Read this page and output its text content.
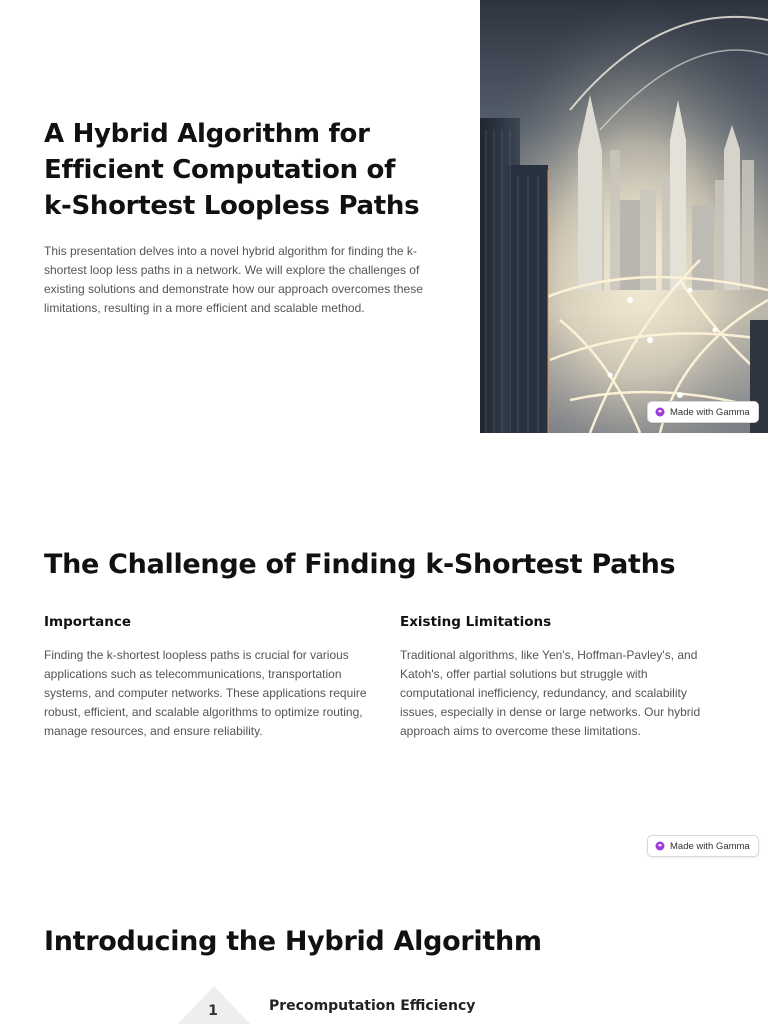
A Hybrid Algorithm for
Efficient Computation of
k-Shortest Loopless Paths

This presentation delves into a novel hybrid algorithm for finding the k-shortest loop less paths in a network. We will explore the challenges of existing solutions and demonstrate how our approach overcomes these limitations, resulting in a more efficient and scalable method.

Made with Gamma
The Challenge of Finding k-Shortest Paths
Importance

Finding the k-shortest loopless paths is crucial for various applications such as telecommunications, transportation systems, and computer networks. These applications require robust, efficient, and scalable algorithms to optimize routing, manage resources, and ensure reliability.

Existing Limitations

Traditional algorithms, like Yen's, Hoffman-Pavley's, and Katoh's, offer partial solutions but struggle with computational inefficiency, redundancy, and scalability issues, especially in dense or large networks. Our hybrid approach aims to overcome these limitations.

Made with Gamma
Introducing the Hybrid Algorithm
1	Precomputation Efficiency
